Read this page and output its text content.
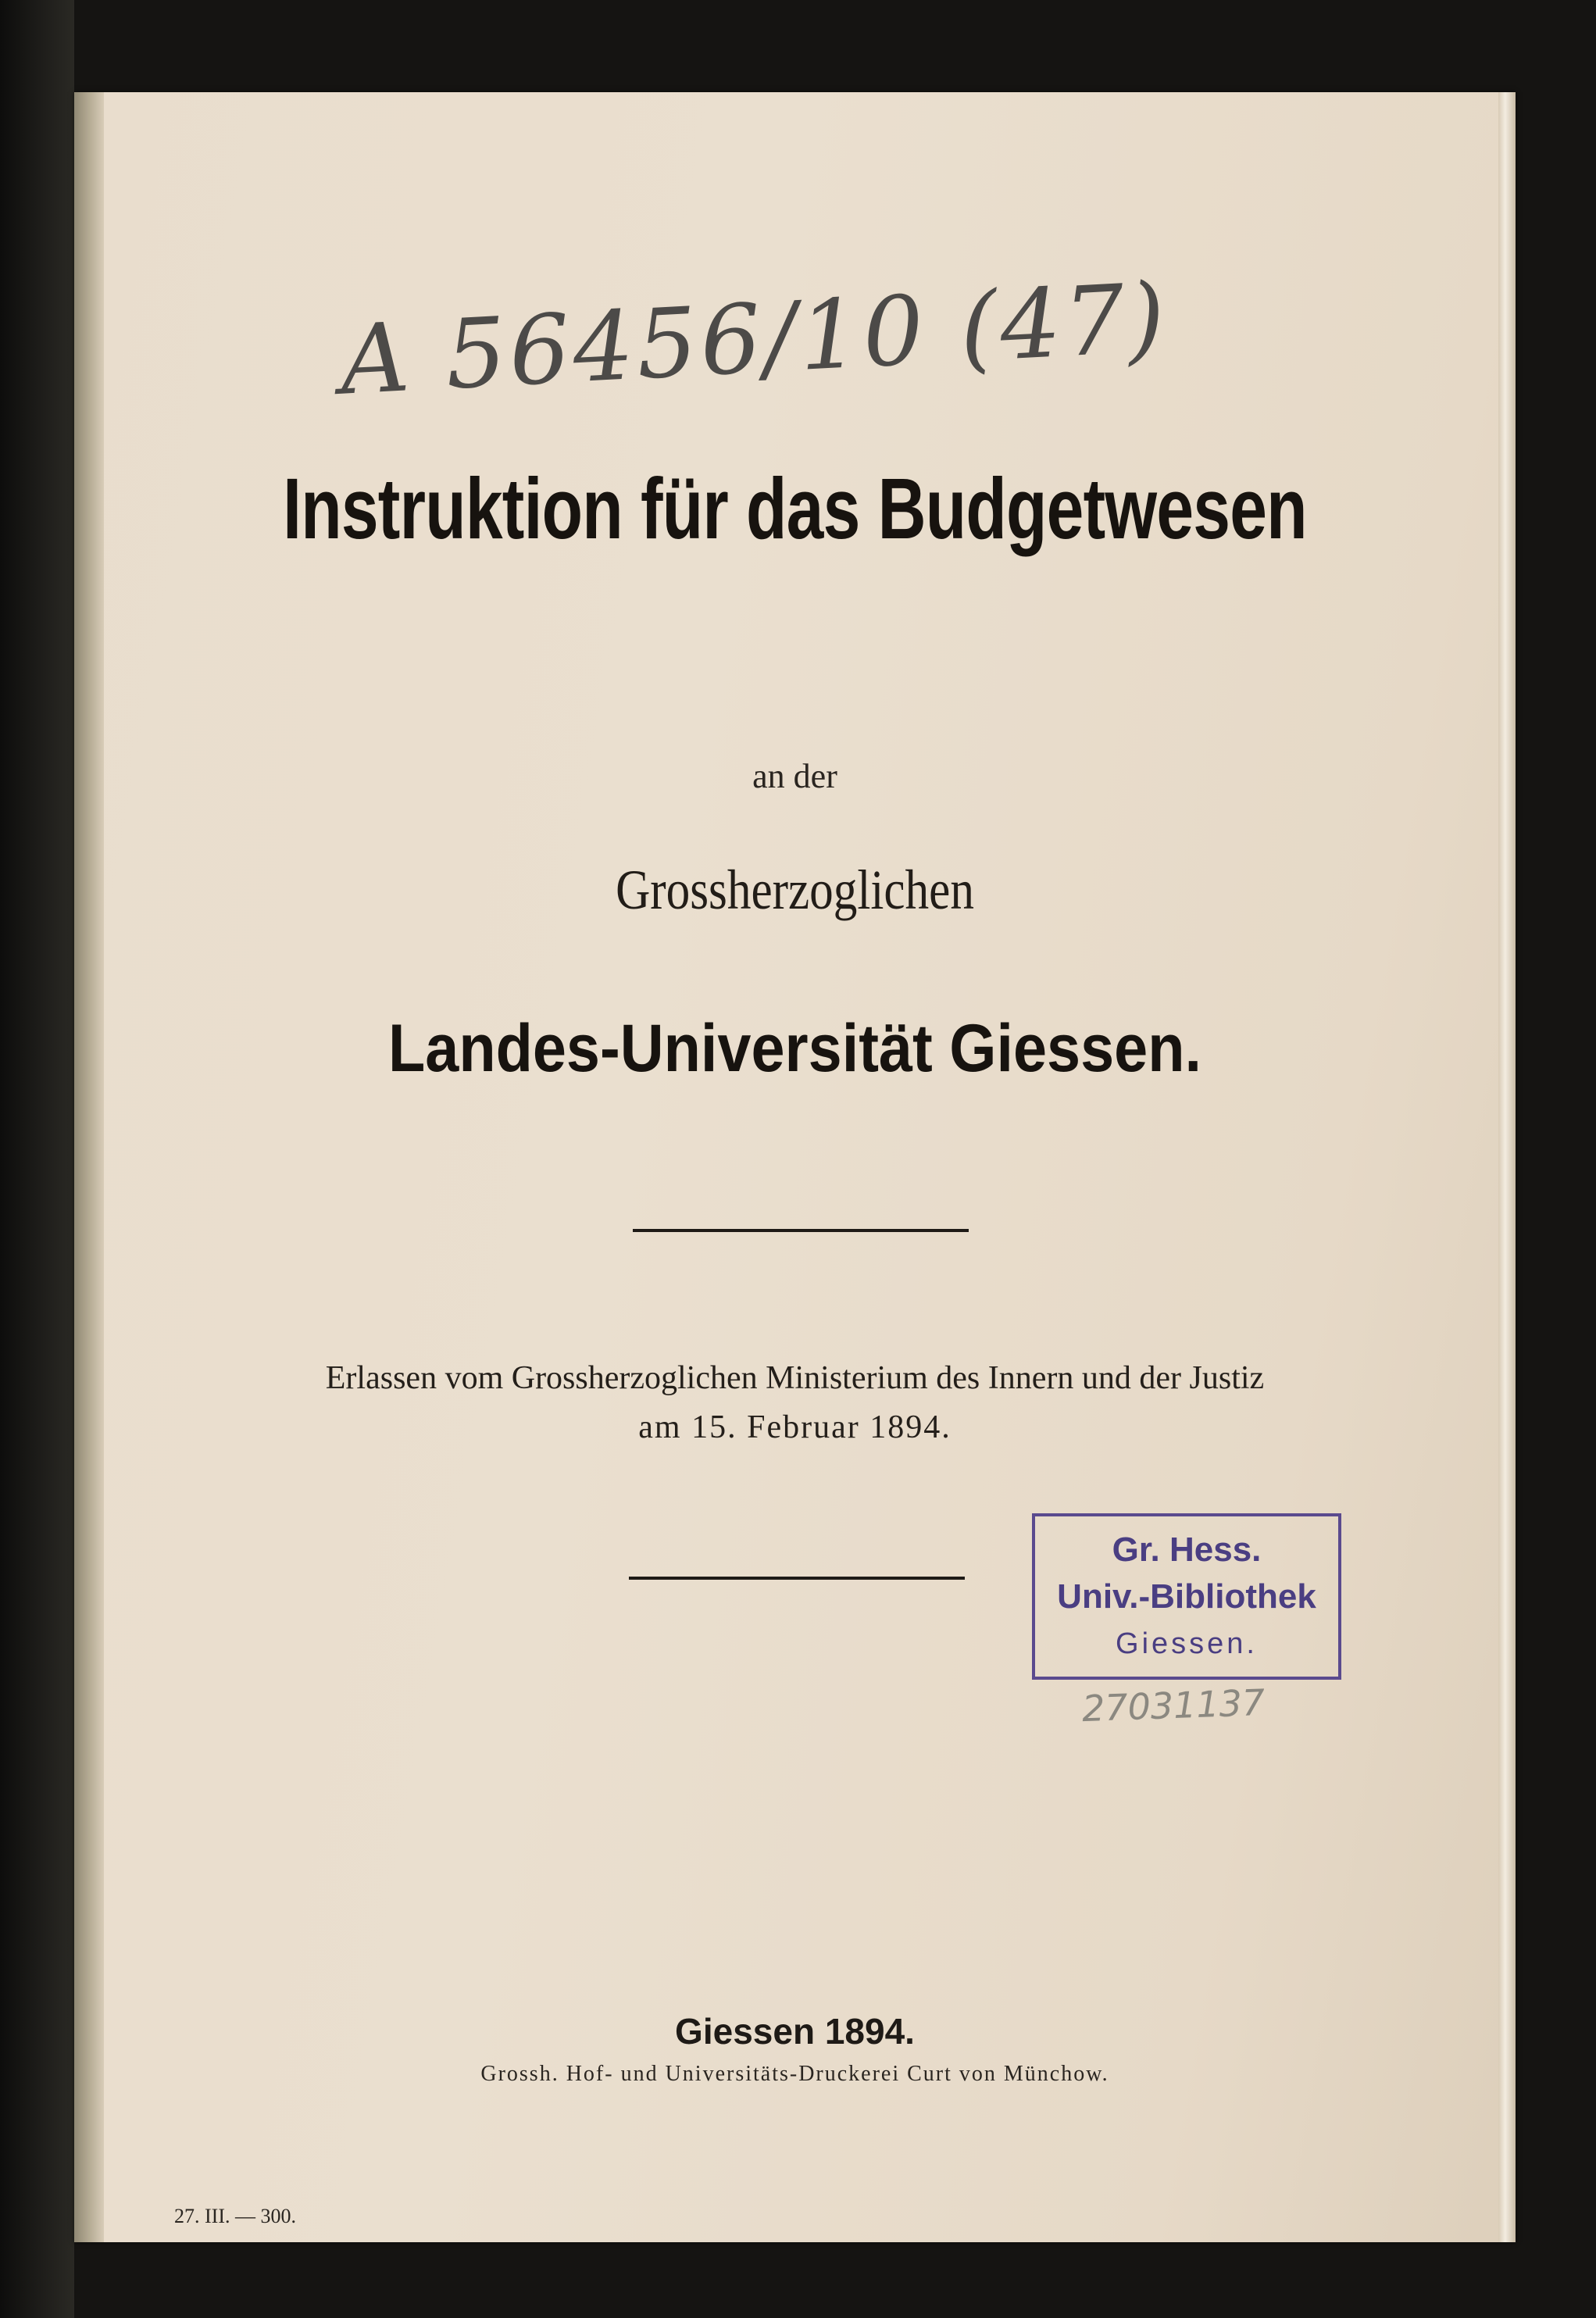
A 56456/10 (47)
Instruktion für das Budgetwesen
an der
Grossherzoglichen
Landes-Universität Giessen.
Erlassen vom Grossherzoglichen Ministerium des Innern und der Justiz
am 15. Februar 1894.
Gr. Hess.
Univ.-Bibliothek
Giessen.
27031137
Giessen 1894.
Grossh. Hof- und Universitäts-Druckerei Curt von Münchow.
27. III. — 300.
